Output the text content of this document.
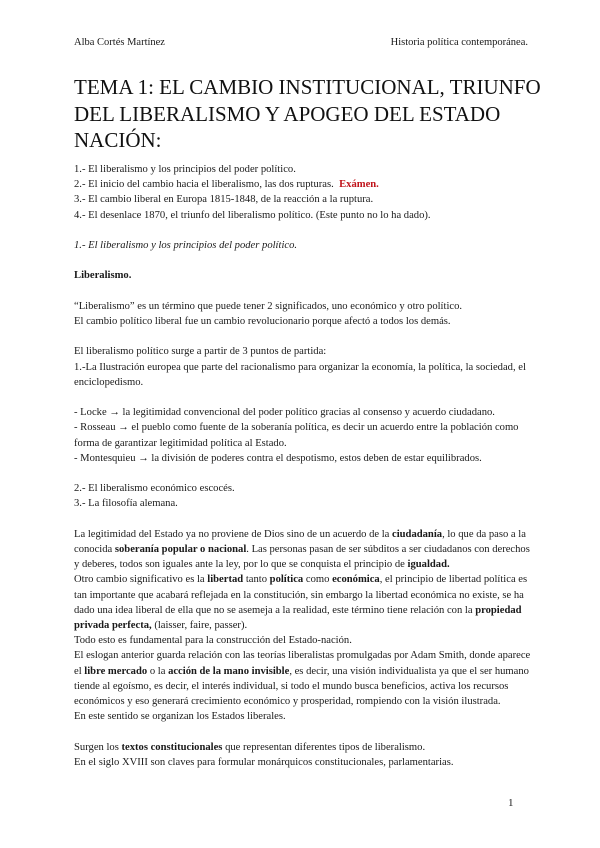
Alba Cortés Martínez	Historia política contemporánea.
TEMA 1: EL CAMBIO INSTITUCIONAL, TRIUNFO DEL LIBERALISMO Y APOGEO DEL ESTADO NACIÓN:

1.- El liberalismo y los principios del poder político.

2.- El inicio del cambio hacia el liberalismo, las dos rupturas. Exámen.

3.- El cambio liberal en Europa 1815-1848, de la reacción a la ruptura.

4.- El desenlace 1870, el triunfo del liberalismo político. (Este punto no lo ha dado).

1.- El liberalismo y los principios del poder político.

Liberalismo.

“Liberalismo” es un término que puede tener 2 significados, uno económico y otro político.

El cambio político liberal fue un cambio revolucionario porque afectó a todos los demás.

El liberalismo político surge a partir de 3 puntos de partida:

1.-La Ilustración europea que parte del racionalismo para organizar la economía, la política, la sociedad, el enciclopedismo.

- Locke → la legitimidad convencional del poder político gracias al consenso y acuerdo ciudadano.

- Rosseau → el pueblo como fuente de la soberanía política, es decir un acuerdo entre la población como forma de garantizar legitimidad política al Estado.

- Montesquieu → la división de poderes contra el despotismo, estos deben de estar equilibrados.

2.- El liberalismo económico escocés.

3.- La filosofía alemana.

La legitimidad del Estado ya no proviene de Dios sino de un acuerdo de la ciudadanía, lo que da paso a la conocida soberanía popular o nacional. Las personas pasan de ser súbditos a ser ciudadanos con derechos y deberes, todos son iguales ante la ley, por lo que se conquista el principio de igualdad.

Otro cambio significativo es la libertad tanto política como económica, el principio de libertad política es tan importante que acabará reflejada en la constitución, sin embargo la libertad económica no existe, se ha dado una idea liberal de ella que no se asemeja a la realidad, este término tiene relación con la propiedad privada perfecta, (laisser, faire, passer).

Todo esto es fundamental para la construcción del Estado-nación.

El eslogan anterior guarda relación con las teorías liberalistas promulgadas por Adam Smith, donde aparece el libre mercado o la acción de la mano invisible, es decir, una visión individualista ya que el ser humano tiende al egoísmo, es decir, el interés individual, si todo el mundo busca beneficios, activa los recursos económicos y eso generará crecimiento económico y prosperidad, rompiendo con la visión ilustrada.

En este sentido se organizan los Estados liberales.

Surgen los textos constitucionales que representan diferentes tipos de liberalismo.

En el siglo XVIII son claves para formular monárquicos constitucionales, parlamentarias.

1
